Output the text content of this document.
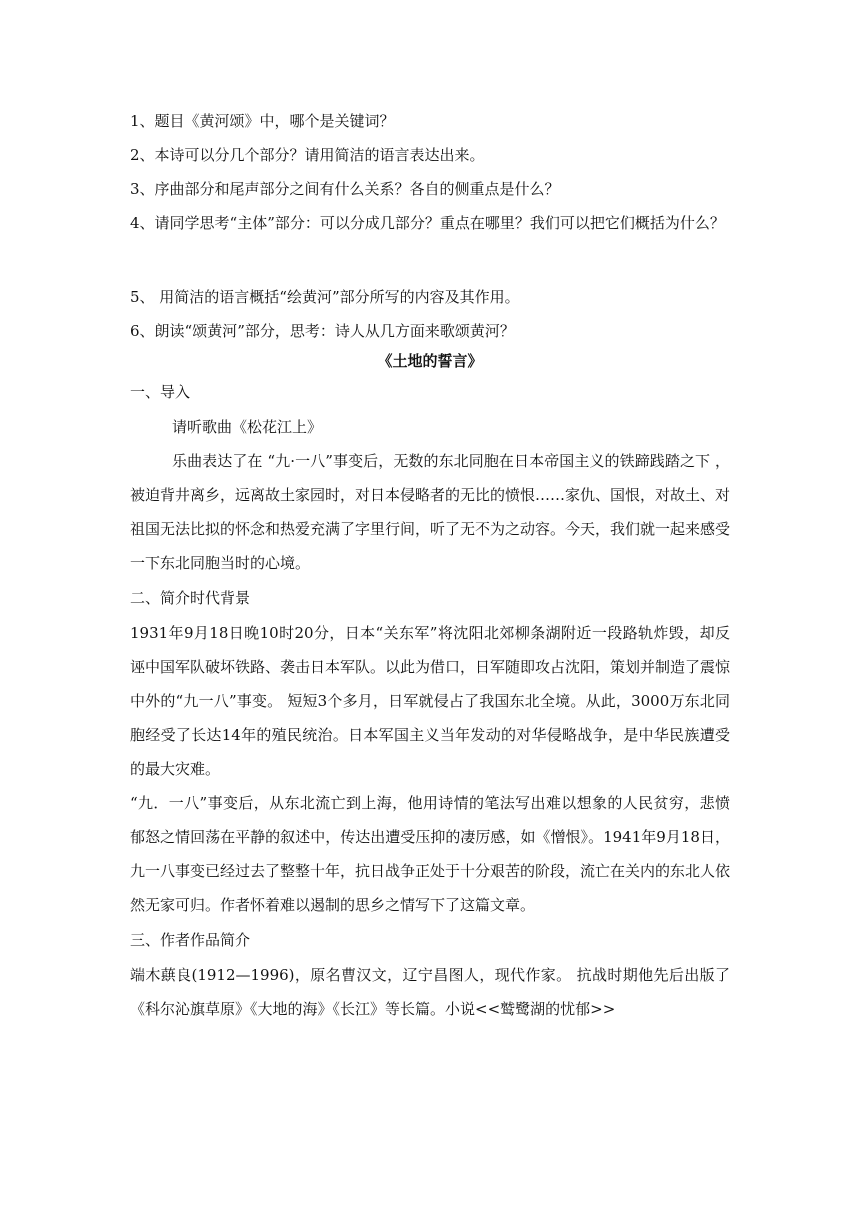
1、题目《黄河颂》中，哪个是关键词？
2、本诗可以分几个部分？请用简洁的语言表达出来。
3、序曲部分和尾声部分之间有什么关系？各自的侧重点是什么？
4、请同学思考“主体”部分：可以分成几部分？重点在哪里？我们可以把它们概括为什么？
5、 用简洁的语言概括“绘黄河”部分所写的内容及其作用。
6、朗读“颂黄河”部分，思考：诗人从几方面来歌颂黄河？
《土地的誓言》
一、导入
请听歌曲《松花江上》
乐曲表达了在 “九·一八”事变后，无数的东北同胞在日本帝国主义的铁蹄践踏之下 ，被迫背井离乡，远离故土家园时，对日本侵略者的无比的愤恨……家仇、国恨，对故土、对祖国无法比拟的怀念和热爱充满了字里行间，听了无不为之动容。今天，我们就一起来感受一下东北同胞当时的心境。
二、简介时代背景
1931年9月18日晚10时20分，日本“关东军”将沈阳北郊柳条湖附近一段路轨炸毁，却反诬中国军队破坏铁路、袭击日本军队。以此为借口，日军随即攻占沈阳，策划并制造了震惊中外的“九一八”事变。 短短3个多月，日军就侵占了我国东北全境。从此，3000万东北同胞经受了长达14年的殖民统治。日本军国主义当年发动的对华侵略战争，是中华民族遭受的最大灾难。
“九．一八”事变后，从东北流亡到上海，他用诗情的笔法写出难以想象的人民贫穷，悲愤郁怒之情回荡在平静的叙述中，传达出遭受压抑的凄厉感，如《憎恨》。1941年9月18日，九一八事变已经过去了整整十年，抗日战争正处于十分艰苦的阶段，流亡在关内的东北人依然无家可归。作者怀着难以遏制的思乡之情写下了这篇文章。
三、作者作品简介
端木蕻良(1912—1996)，原名曹汉文，辽宁昌图人，现代作家。 抗战时期他先后出版了《科尔沁旗草原》《大地的海》《长江》等长篇。小说<<鹫鹭湖的忧郁>>
